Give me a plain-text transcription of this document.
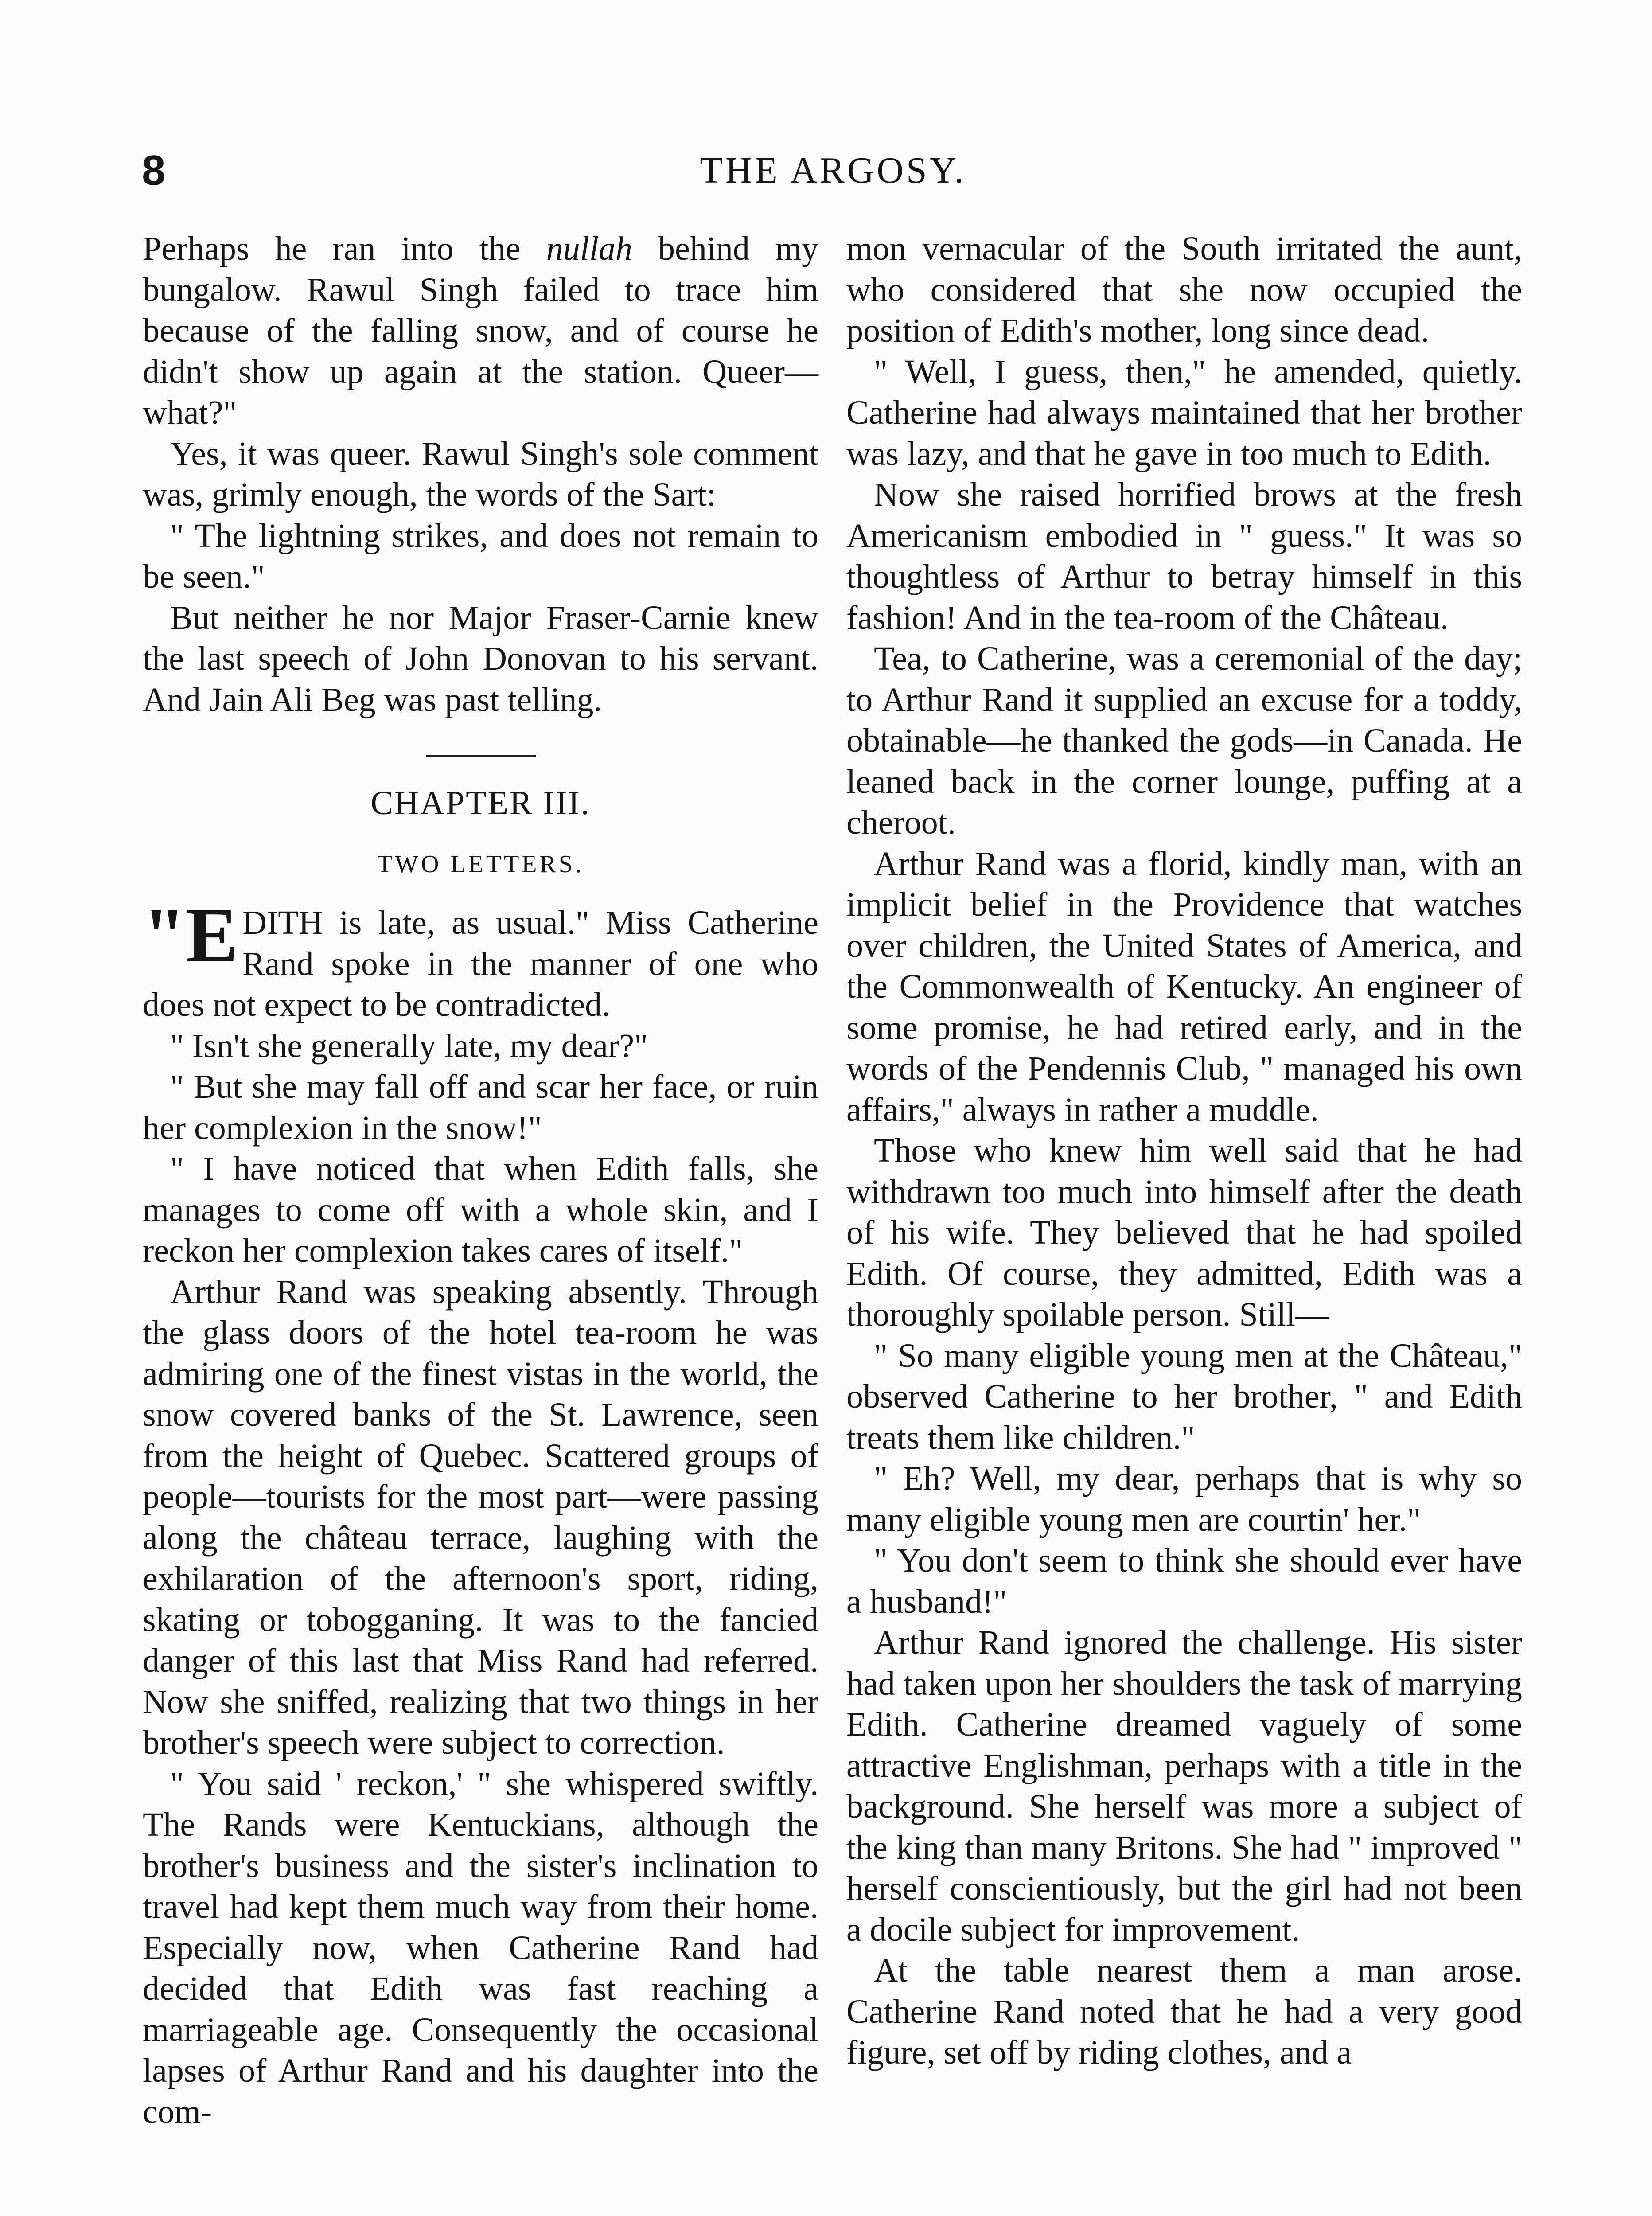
8	THE ARGOSY.

Perhaps he ran into the nullah behind my bungalow. Rawul Singh failed to trace him because of the falling snow, and of course he didn't show up again at the station. Queer—what?"

Yes, it was queer. Rawul Singh's sole comment was, grimly enough, the words of the Sart:

" The lightning strikes, and does not remain to be seen."

But neither he nor Major Fraser-Carnie knew the last speech of John Donovan to his servant. And Jain Ali Beg was past telling.

CHAPTER III.
TWO LETTERS.

"E DITH is late, as usual." Miss Catherine Rand spoke in the manner of one who does not expect to be contradicted.

" Isn't she generally late, my dear?"

" But she may fall off and scar her face, or ruin her complexion in the snow!"

" I have noticed that when Edith falls, she manages to come off with a whole skin, and I reckon her complexion takes cares of itself."

Arthur Rand was speaking absently. Through the glass doors of the hotel tea-room he was admiring one of the finest vistas in the world, the snow covered banks of the St. Lawrence, seen from the height of Quebec. Scattered groups of people—tourists for the most part—were passing along the château terrace, laughing with the exhilaration of the afternoon's sport, riding, skating or tobogganing. It was to the fancied danger of this last that Miss Rand had referred. Now she sniffed, realizing that two things in her brother's speech were subject to correction.

" You said ' reckon,' " she whispered swiftly. The Rands were Kentuckians, although the brother's business and the sister's inclination to travel had kept them much way from their home. Especially now, when Catherine Rand had decided that Edith was fast reaching a marriageable age. Consequently the occasional lapses of Arthur Rand and his daughter into the com-

mon vernacular of the South irritated the aunt, who considered that she now occupied the position of Edith's mother, long since dead.

" Well, I guess, then," he amended, quietly. Catherine had always maintained that her brother was lazy, and that he gave in too much to Edith.

Now she raised horrified brows at the fresh Americanism embodied in " guess." It was so thoughtless of Arthur to betray himself in this fashion! And in the tea-room of the Château.

Tea, to Catherine, was a ceremonial of the day; to Arthur Rand it supplied an excuse for a toddy, obtainable—he thanked the gods—in Canada. He leaned back in the corner lounge, puffing at a cheroot.

Arthur Rand was a florid, kindly man, with an implicit belief in the Providence that watches over children, the United States of America, and the Commonwealth of Kentucky. An engineer of some promise, he had retired early, and in the words of the Pendennis Club, " managed his own affairs," always in rather a muddle.

Those who knew him well said that he had withdrawn too much into himself after the death of his wife. They believed that he had spoiled Edith. Of course, they admitted, Edith was a thoroughly spoilable person. Still—

" So many eligible young men at the Château," observed Catherine to her brother, " and Edith treats them like children."

" Eh? Well, my dear, perhaps that is why so many eligible young men are courtin' her."

" You don't seem to think she should ever have a husband!"

Arthur Rand ignored the challenge. His sister had taken upon her shoulders the task of marrying Edith. Catherine dreamed vaguely of some attractive Englishman, perhaps with a title in the background. She herself was more a subject of the king than many Britons. She had " improved " herself conscientiously, but the girl had not been a docile subject for improvement.

At the table nearest them a man arose. Catherine Rand noted that he had a very good figure, set off by riding clothes, and a
